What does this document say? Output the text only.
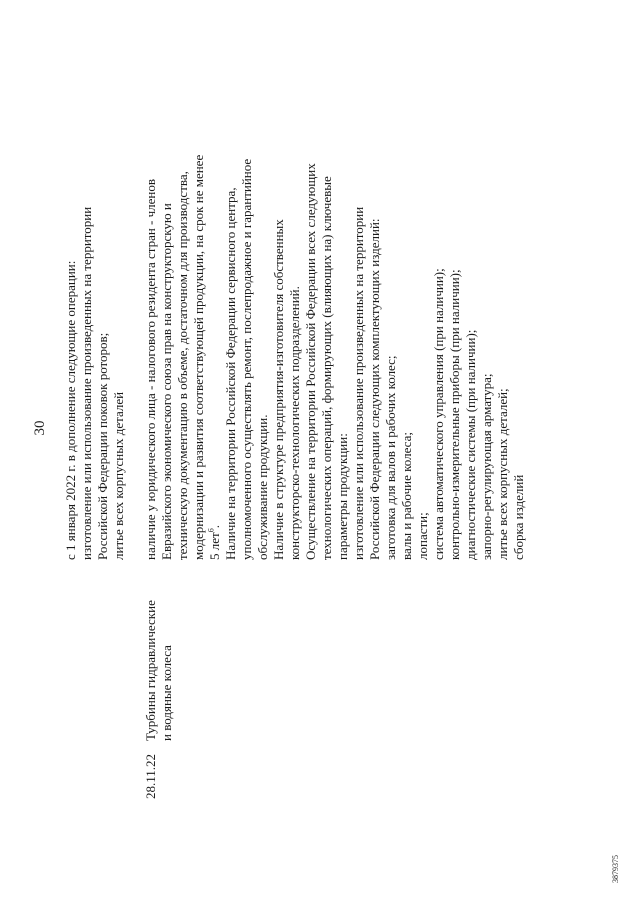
30 с 1 января 2022 г. в дополнение следующие операции: изготовление или использование произведенных на территории Российской Федерации поковок роторов; литье всех корпусных деталей
28.11.22
Турбины гидравлические и водяные колеса
наличие у юридического лица - налогового резидента стран - членов Евразийского экономического союза прав на конструкторскую и техническую документацию в объеме, достаточном для производства, модернизации и развития соответствующей продукции, на срок не менее 5 лет$^6$. Наличие на территории Российской Федерации сервисного центра, уполномоченного осуществлять ремонт, послепродажное и гарантийное обслуживание продукции. Наличие в структуре предприятия-изготовителя собственных конструкторско-технологических подразделений. Осуществление на территории Российской Федерации всех следующих технологических операций, формирующих (влияющих на) ключевые параметры продукции: изготовление или использование произведенных на территории Российской Федерации следующих комплектующих изделий: заготовка для валов и рабочих колес; валы и рабочие колеса; лопасти; система автоматического управления (при наличии); контрольно-измерительные приборы (при наличии); диагностические системы (при наличии); запорно-регулирующая арматура; литье всех корпусных деталей; сборка изделий
3879375
